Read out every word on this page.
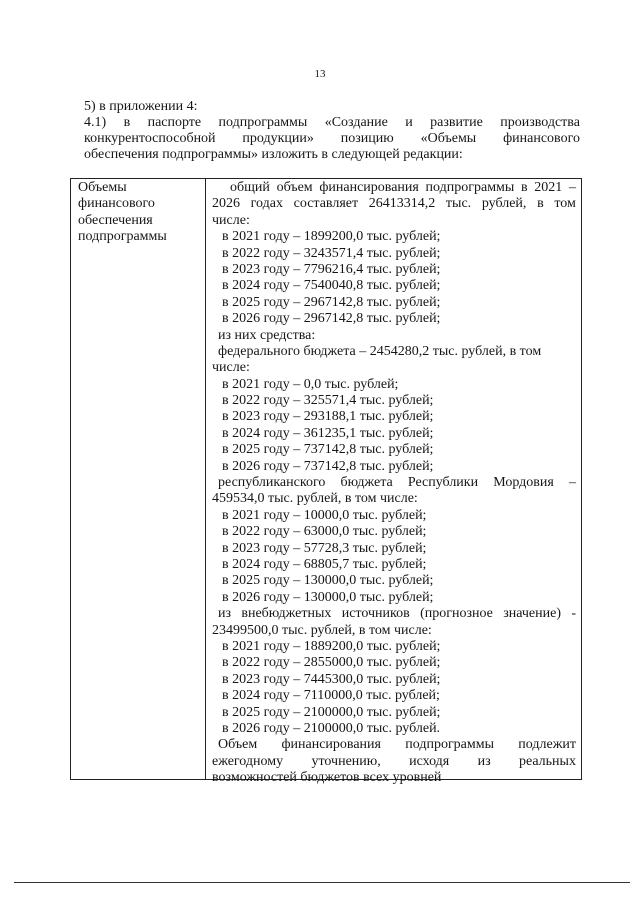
13
5) в приложении 4:
4.1) в паспорте подпрограммы «Создание и развитие производства
конкурентоспособной продукции» позицию «Объемы финансового
обеспечения подпрограммы» изложить в следующей редакции:
Объемы
финансового
обеспечения
подпрограммы
общий объем финансирования подпрограммы в 2021 –
2026 годах составляет 26413314,2 тыс. рублей, в том
числе:
в 2021 году – 1899200,0 тыс. рублей;
в 2022 году – 3243571,4 тыс. рублей;
в 2023 году – 7796216,4 тыс. рублей;
в 2024 году – 7540040,8 тыс. рублей;
в 2025 году – 2967142,8 тыс. рублей;
в 2026 году – 2967142,8 тыс. рублей;
из них средства:
федерального бюджета – 2454280,2 тыс. рублей, в том
числе:
в 2021 году – 0,0 тыс. рублей;
в 2022 году – 325571,4 тыс. рублей;
в 2023 году – 293188,1 тыс. рублей;
в 2024 году – 361235,1 тыс. рублей;
в 2025 году – 737142,8 тыс. рублей;
в 2026 году – 737142,8 тыс. рублей;
республиканского бюджета Республики Мордовия –
459534,0 тыс. рублей, в том числе:
в 2021 году – 10000,0 тыс. рублей;
в 2022 году – 63000,0 тыс. рублей;
в 2023 году – 57728,3 тыс. рублей;
в 2024 году – 68805,7 тыс. рублей;
в 2025 году – 130000,0 тыс. рублей;
в 2026 году – 130000,0 тыс. рублей;
из внебюджетных источников (прогнозное значение) -
23499500,0 тыс. рублей, в том числе:
в 2021 году – 1889200,0 тыс. рублей;
в 2022 году – 2855000,0 тыс. рублей;
в 2023 году – 7445300,0 тыс. рублей;
в 2024 году – 7110000,0 тыс. рублей;
в 2025 году – 2100000,0 тыс. рублей;
в 2026 году – 2100000,0 тыс. рублей.
Объем финансирования подпрограммы подлежит
ежегодному уточнению, исходя из реальных
возможностей бюджетов всех уровней
